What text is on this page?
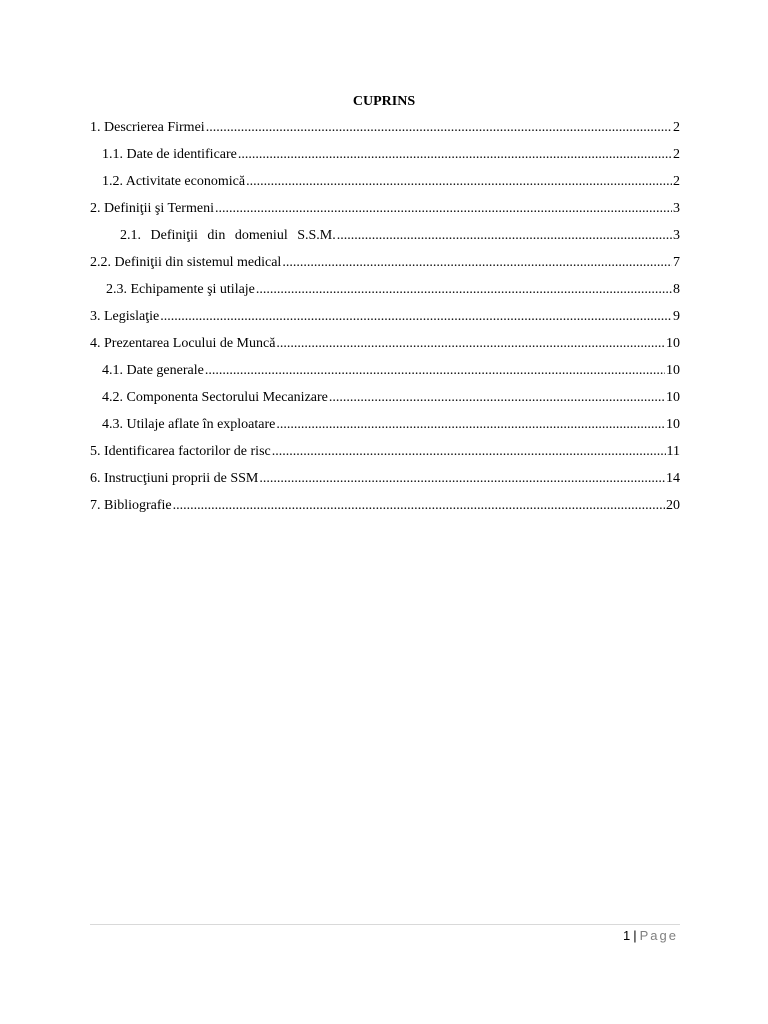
CUPRINS
1. Descrierea Firmei .....	2
1.1. Date de identificare .....	2
1.2. Activitate economică .....	2
2. Definiţii şi Termeni .....	3
2.1. Definiţii din domeniul S.S.M. .....	3
2.2. Definiţii din sistemul medical .....	7
2.3. Echipamente şi utilaje .....	8
3. Legislaţie .....	9
4. Prezentarea Locului de Muncă .....	10
4.1. Date generale .....	10
4.2. Componenta Sectorului Mecanizare .....	10
4.3. Utilaje aflate în exploatare .....	10
5. Identificarea factorilor de risc .....	11
6. Instrucţiuni proprii de SSM .....	14
7. Bibliografie .....	20
1 | Page
